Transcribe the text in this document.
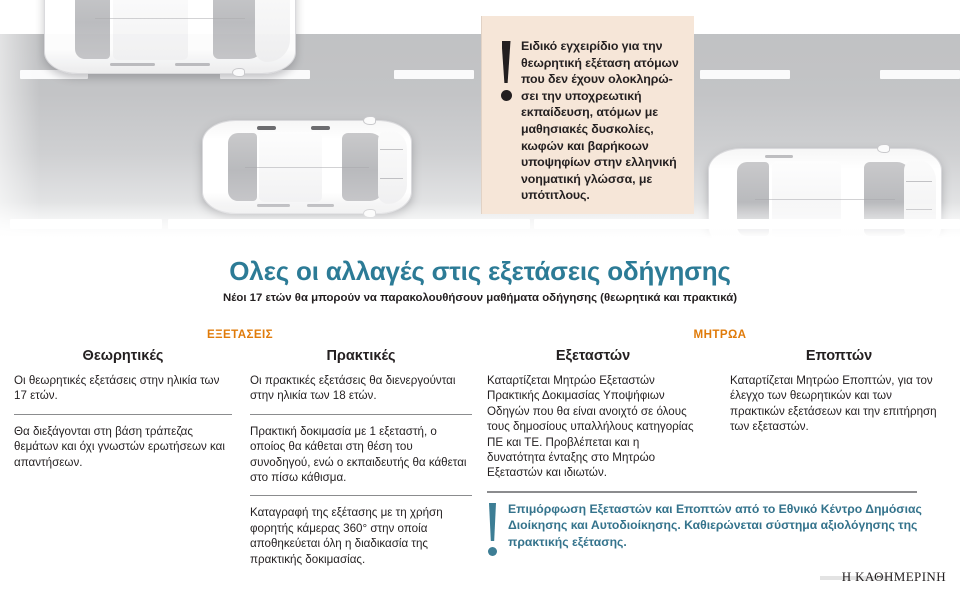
Ειδικό εγχειρίδιο για την θεωρητική εξέταση ατόμων που δεν έχουν ολοκληρώσει την υποχρεωτική εκπαίδευση, ατόμων με μαθησιακές δυσκολίες, κωφών και βαρήκοων υποψηφίων στην ελληνική νοηματική γλώσσα, με υπότιτλους.
Ολες οι αλλαγές στις εξετάσεις οδήγησης
Νέοι 17 ετών θα μπορούν να παρακολουθήσουν μαθήματα οδήγησης (θεωρητικά και πρακτικά)
ΕΞΕΤΑΣΕΙΣ	ΜΗΤΡΩΑ
Θεωρητικές

Οι θεωρητικές εξετάσεις στην ηλικία των 17 ετών.

Θα διεξάγονται στη βάση τράπεζας θεμάτων και όχι γνωστών ερωτήσεων και απαντήσεων.

Πρακτικές

Οι πρακτικές εξετάσεις θα διενεργούνται στην ηλικία των 18 ετών.

Πρακτική δοκιμασία με 1 εξεταστή, ο οποίος θα κάθεται στη θέση του συνοδηγού, ενώ ο εκπαιδευτής θα κάθεται στο πίσω κάθισμα.

Καταγραφή της εξέτασης με τη χρήση φορητής κάμερας 360° στην οποία αποθηκεύεται όλη η διαδικασία της πρακτικής δοκιμασίας.

Εξεταστών

Καταρτίζεται Μητρώο Εξεταστών Πρακτικής Δοκιμασίας Υποψήφιων Οδηγών που θα είναι ανοιχτό σε όλους τους δημοσίους υπαλλήλους κατηγορίας ΠΕ και ΤΕ. Προβλέπεται και η δυνατότητα ένταξης στο Μητρώο Εξεταστών και ιδιωτών.

Εποπτών

Καταρτίζεται Μητρώο Εποπτών, για τον έλεγχο των θεωρητικών και των πρακτικών εξετάσεων και την επιτήρηση των εξεταστών.

Επιμόρφωση Εξεταστών και Εποπτών από το Εθνικό Κέντρο Δημόσιας Διοίκησης και Αυτοδιοίκησης. Καθιερώνεται σύστημα αξιολόγησης της πρακτικής εξέτασης.
Η ΚΑΘΗΜΕΡΙΝΗ
